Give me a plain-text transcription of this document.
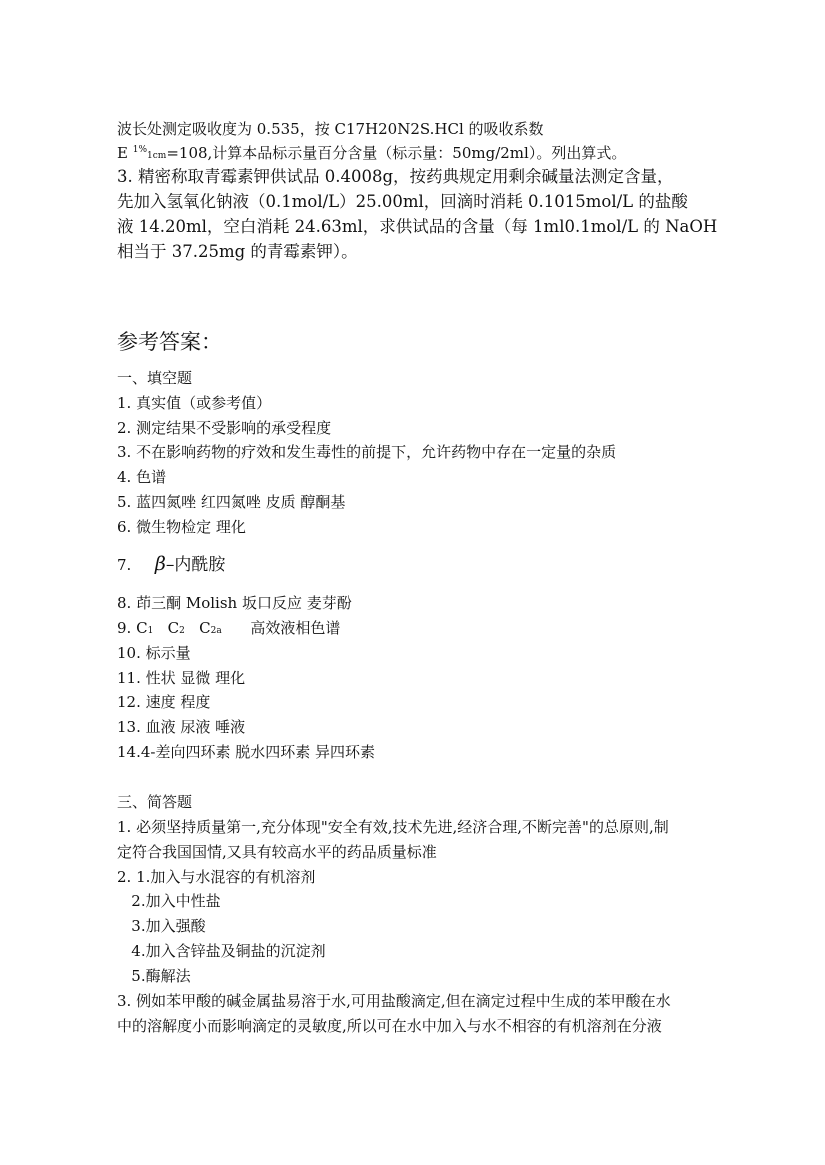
波长处测定吸收度为 0.535，按 C17H20N2S.HCl 的吸收系数
E $^{1\%}$1cm=108,计算本品标示量百分含量（标示量：50mg/2ml）。列出算式。
3. 精密称取青霉素钾供试品 0.4008g，按药典规定用剩余碱量法测定含量，
先加入氢氧化钠液（0.1mol/L）25.00ml，回滴时消耗 0.1015mol/L 的盐酸
液 14.20ml，空白消耗 24.63ml，求供试品的含量（每 1ml0.1mol/L 的 NaOH
相当于 37.25mg 的青霉素钾）。
参考答案：
一、填空题
1. 真实值（或参考值）
2. 测定结果不受影响的承受程度
3. 不在影响药物的疗效和发生毒性的前提下，允许药物中存在一定量的杂质
4. 色谱
5. 蓝四氮唑 红四氮唑 皮质 醇酮基
6. 微生物检定 理化
7. β–内酰胺
8. 茚三酮 Molish 坂口反应 麦芽酚
9. C1 C2 C2a 高效液相色谱
10. 标示量
11. 性状 显微 理化
12. 速度 程度
13. 血液 尿液 唾液
14.4-差向四环素 脱水四环素 异四环素
三、简答题
1. 必须坚持质量第一,充分体现"安全有效,技术先进,经济合理,不断完善"的总原则,制
定符合我国国情,又具有较高水平的药品质量标准
2. 1.加入与水混容的有机溶剂
2.加入中性盐
3.加入强酸
4.加入含锌盐及铜盐的沉淀剂
5.酶解法
3. 例如苯甲酸的碱金属盐易溶于水,可用盐酸滴定,但在滴定过程中生成的苯甲酸在水
中的溶解度小而影响滴定的灵敏度,所以可在水中加入与水不相容的有机溶剂在分液
